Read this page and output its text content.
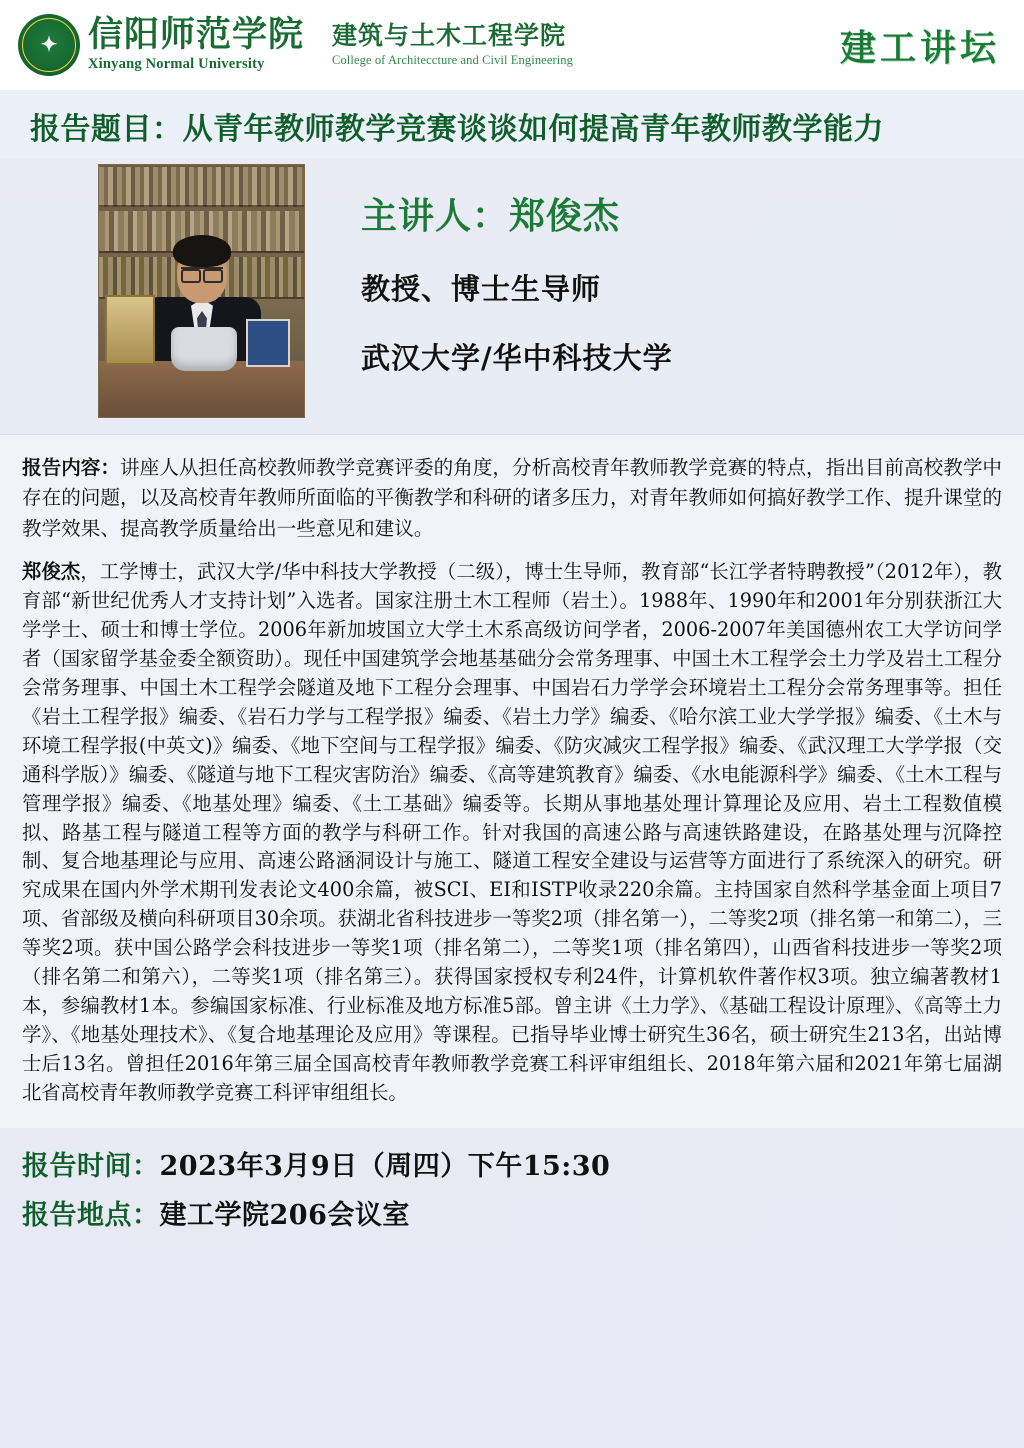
✦ 信阳师范学院
Xinyang Normal University
建筑与土木工程学院
College of Architeccture and Civil Engineering	建工讲坛
报告题目：从青年教师教学竞赛谈谈如何提高青年教师教学能力
主讲人：郑俊杰
教授、博士生导师
武汉大学/华中科技大学

报告内容：讲座人从担任高校教师教学竞赛评委的角度，分析高校青年教师教学竞赛的特点，指出目前高校教学中存在的问题，以及高校青年教师所面临的平衡教学和科研的诸多压力，对青年教师如何搞好教学工作、提升课堂的教学效果、提高教学质量给出一些意见和建议。

郑俊杰，工学博士，武汉大学/华中科技大学教授（二级），博士生导师，教育部“长江学者特聘教授”（2012年），教育部“新世纪优秀人才支持计划”入选者。国家注册土木工程师（岩土）。1988年、1990年和2001年分别获浙江大学学士、硕士和博士学位。2006年新加坡国立大学土木系高级访问学者，2006-2007年美国德州农工大学访问学者（国家留学基金委全额资助）。现任中国建筑学会地基基础分会常务理事、中国土木工程学会土力学及岩土工程分会常务理事、中国土木工程学会隧道及地下工程分会理事、中国岩石力学学会环境岩土工程分会常务理事等。担任《岩土工程学报》编委、《岩石力学与工程学报》编委、《岩土力学》编委、《哈尔滨工业大学学报》编委、《土木与环境工程学报(中英文)》编委、《地下空间与工程学报》编委、《防灾减灾工程学报》编委、《武汉理工大学学报（交通科学版）》编委、《隧道与地下工程灾害防治》编委、《高等建筑教育》编委、《水电能源科学》编委、《土木工程与管理学报》编委、《地基处理》编委、《土工基础》编委等。长期从事地基处理计算理论及应用、岩土工程数值模拟、路基工程与隧道工程等方面的教学与科研工作。针对我国的高速公路与高速铁路建设，在路基处理与沉降控制、复合地基理论与应用、高速公路涵洞设计与施工、隧道工程安全建设与运营等方面进行了系统深入的研究。研究成果在国内外学术期刊发表论文400余篇，被SCI、EI和ISTP收录220余篇。主持国家自然科学基金面上项目7项、省部级及横向科研项目30余项。获湖北省科技进步一等奖2项（排名第一），二等奖2项（排名第一和第二），三等奖2项。获中国公路学会科技进步一等奖1项（排名第二），二等奖1项（排名第四），山西省科技进步一等奖2项（排名第二和第六），二等奖1项（排名第三）。获得国家授权专利24件，计算机软件著作权3项。独立编著教材1本，参编教材1本。参编国家标准、行业标准及地方标准5部。曾主讲《土力学》、《基础工程设计原理》、《高等土力学》、《地基处理技术》、《复合地基理论及应用》等课程。已指导毕业博士研究生36名，硕士研究生213名，出站博士后13名。曾担任2016年第三届全国高校青年教师教学竞赛工科评审组组长、2018年第六届和2021年第七届湖北省高校青年教师教学竞赛工科评审组组长。

报告时间：2023年3月9日（周四）下午15:30
报告地点：建工学院206会议室
